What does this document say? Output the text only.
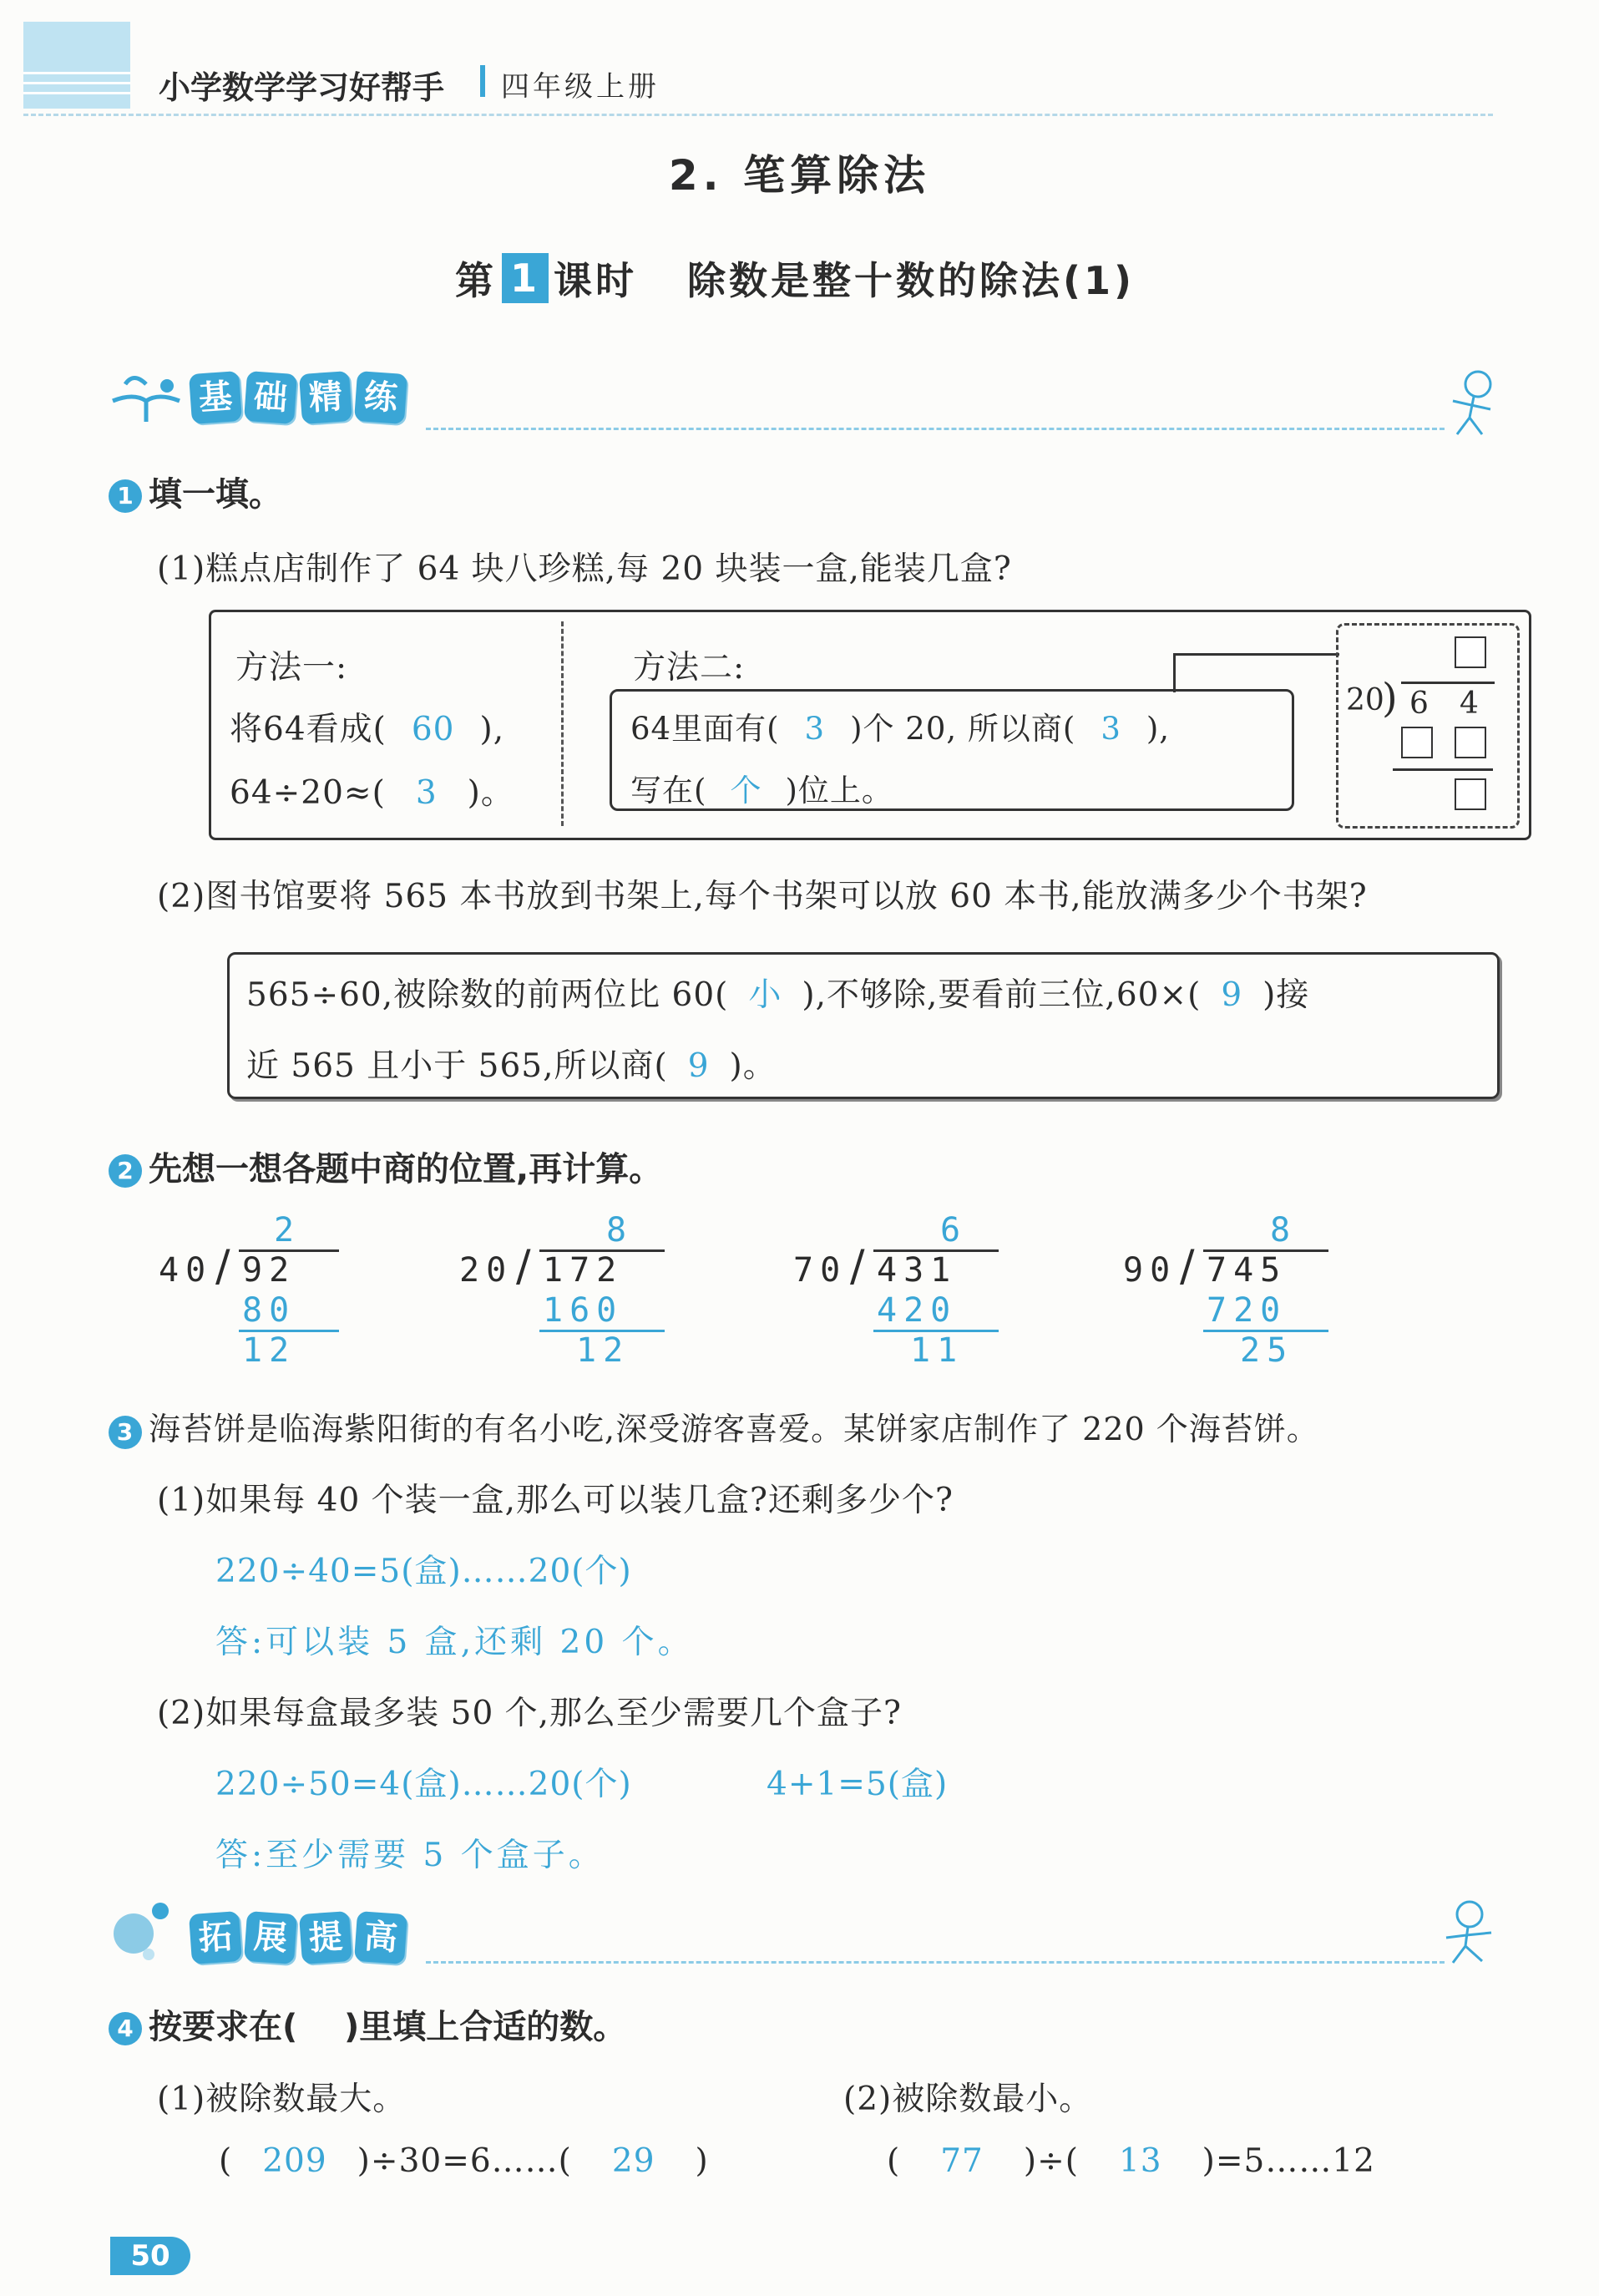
小学数学学习好帮手 四年级上册
2. 笔算除法
第 1 课时 除数是整十数的除法(1)
基 础 精 练
1 填一填。
(1)糕点店制作了 64 块八珍糕,每 20 块装一盒,能装几盒?
方法一:
将64看成( 60 ),
64÷20≈( 3 )。
方法二:
64里面有( 3 )个 20, 所以商( 3 ),
写在( 个 )位上。
20
) 6 4
(2)图书馆要将 565 本书放到书架上,每个书架可以放 60 本书,能放满多少个书架?
565÷60,被除数的前两位比 60( 小 ),不够除,要看前三位,60×( 9 )接
近 565 且小于 565,所以商( 9 )。
2 先想一想各题中商的位置,再计算。
2
40 / 92
80
12
8
20 / 172
160
12
6
70 / 431
420
11
8
90 / 745
720
25
3 海苔饼是临海紫阳街的有名小吃,深受游客喜爱。某饼家店制作了 220 个海苔饼。
(1)如果每 40 个装一盒,那么可以装几盒?还剩多少个?
220÷40=5(盒)……20(个)
答:可以装 5 盒,还剩 20 个。
(2)如果每盒最多装 50 个,那么至少需要几个盒子?
220÷50=4(盒)……20(个)	4+1=5(盒)
答:至少需要 5 个盒子。
拓 展 提 高
4 按要求在(    )里填上合适的数。
(1)被除数最大。	(2)被除数最小。
( 209 )÷30=6……( 29 )	( 77 )÷( 13 )=5……12
50
